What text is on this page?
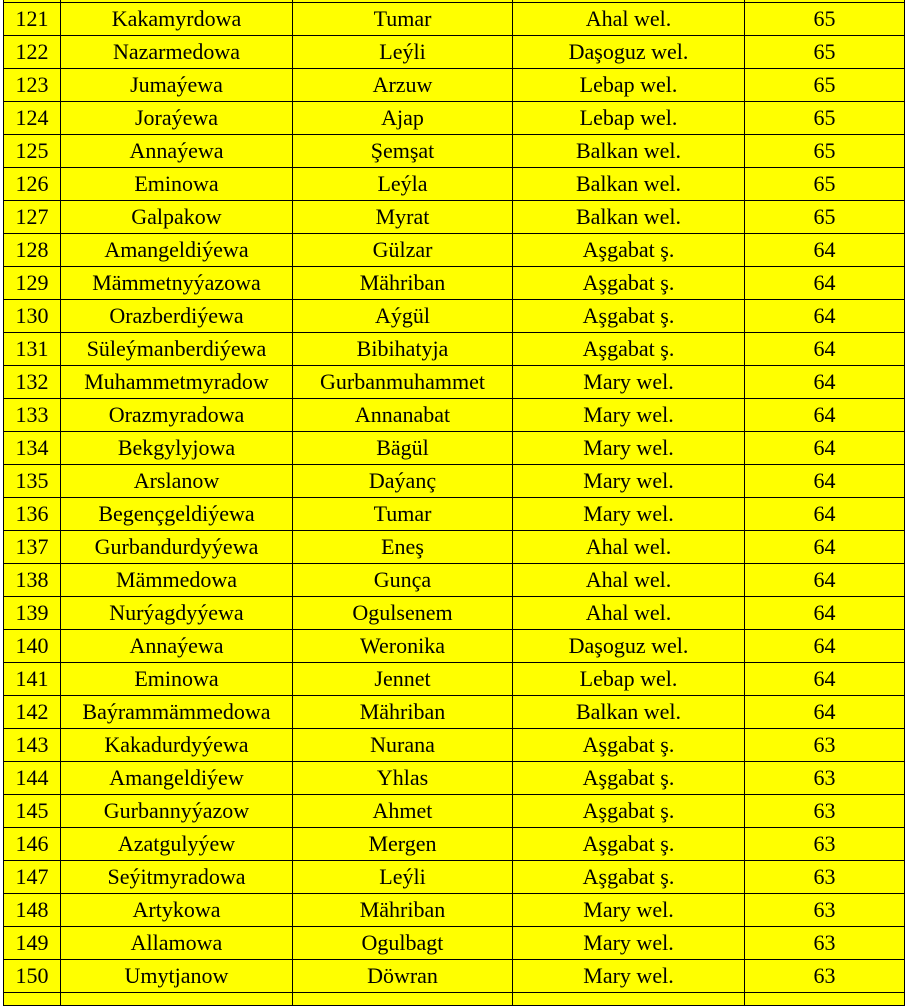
121	Kakamyrdowa	Tumar	Ahal wel.	65
122	Nazarmedowa	Leýli	Daşoguz wel.	65
123	Jumaýewa	Arzuw	Lebap wel.	65
124	Joraýewa	Ajap	Lebap wel.	65
125	Annaýewa	Şemşat	Balkan wel.	65
126	Eminowa	Leýla	Balkan wel.	65
127	Galpakow	Myrat	Balkan wel.	65
128	Amangeldiýewa	Gülzar	Aşgabat ş.	64
129	Mämmetnyýazowa	Mähriban	Aşgabat ş.	64
130	Orazberdiýewa	Aýgül	Aşgabat ş.	64
131	Süleýmanberdiýewa	Bibihatyja	Aşgabat ş.	64
132	Muhammetmyradow	Gurbanmuhammet	Mary wel.	64
133	Orazmyradowa	Annanabat	Mary wel.	64
134	Bekgylyjowa	Bägül	Mary wel.	64
135	Arslanow	Daýanç	Mary wel.	64
136	Begençgeldiýewa	Tumar	Mary wel.	64
137	Gurbandurdyýewa	Eneş	Ahal wel.	64
138	Mämmedowa	Gunça	Ahal wel.	64
139	Nurýagdyýewa	Ogulsenem	Ahal wel.	64
140	Annaýewa	Weronika	Daşoguz wel.	64
141	Eminowa	Jennet	Lebap wel.	64
142	Baýrammämmedowa	Mähriban	Balkan wel.	64
143	Kakadurdyýewa	Nurana	Aşgabat ş.	63
144	Amangeldiýew	Yhlas	Aşgabat ş.	63
145	Gurbannyýazow	Ahmet	Aşgabat ş.	63
146	Azatgulyýew	Mergen	Aşgabat ş.	63
147	Seýitmyradowa	Leýli	Aşgabat ş.	63
148	Artykowa	Mähriban	Mary wel.	63
149	Allamowa	Ogulbagt	Mary wel.	63
150	Umytjanow	Döwran	Mary wel.	63
